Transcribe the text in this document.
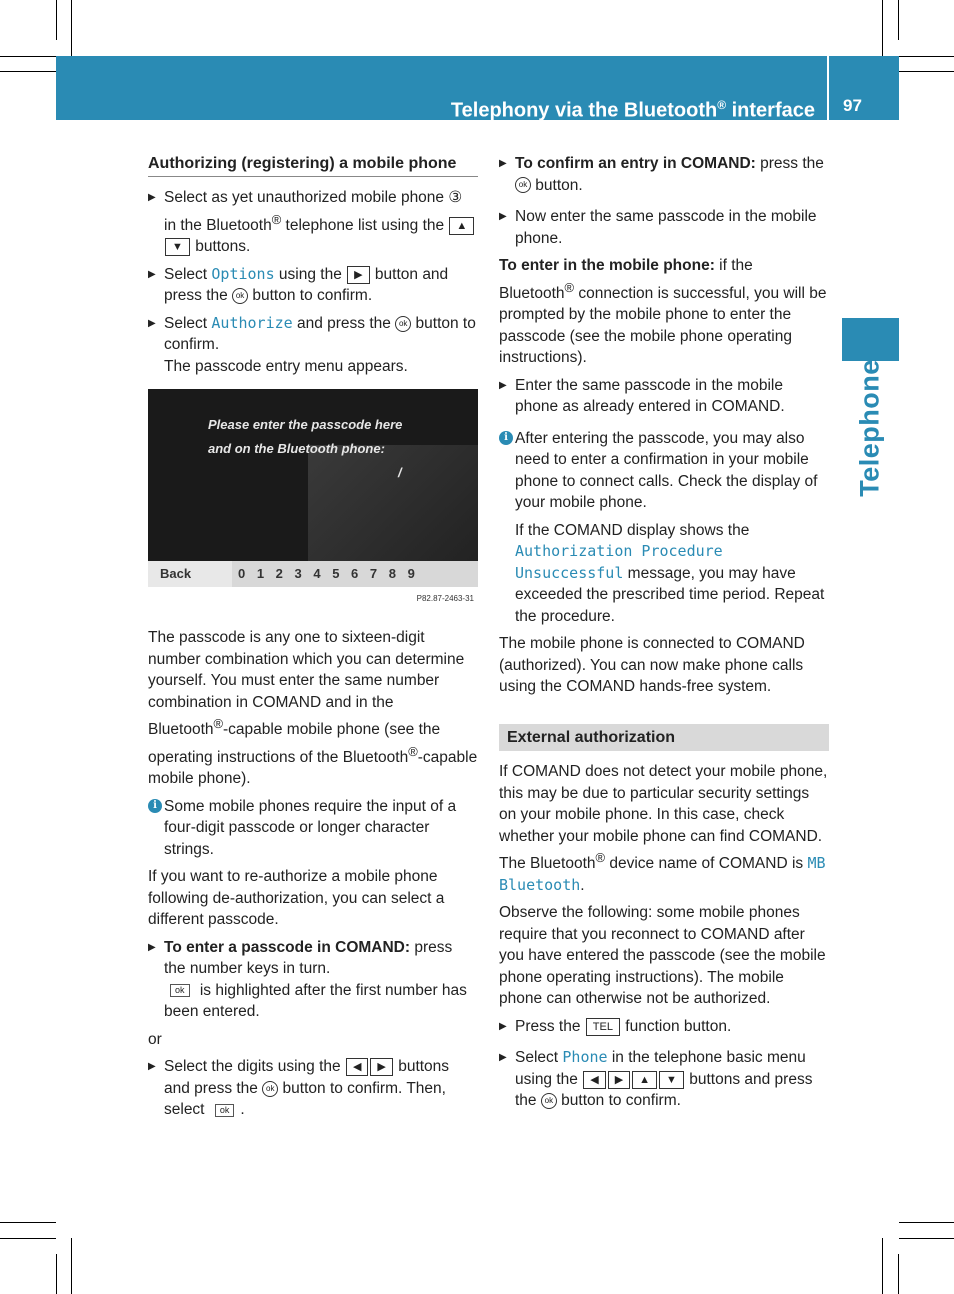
Telephony via the Bluetooth® interface 97
Telephone
Authorizing (registering) a mobile phone
▶ Select as yet unauthorized mobile phone ③ in the Bluetooth® telephone list using the ▲▼ buttons.
▶ Select Options using the ▶ button and press the ok button to confirm.
▶ Select Authorize and press the ok button to confirm.
The passcode entry menu appears.
Please enter the passcode here
and on the Bluetooth phone:
/
Back	0 1 2 3 4 5 6 7 8 9
P82.87-2463-31

The passcode is any one to sixteen-digit number combination which you can determine yourself. You must enter the same number combination in COMAND and in the Bluetooth®-capable mobile phone (see the operating instructions of the Bluetooth®-capable mobile phone).

i Some mobile phones require the input of a four-digit passcode or longer character strings.

If you want to re-authorize a mobile phone following de-authorization, you can select a different passcode.

▶ To enter a passcode in COMAND: press the number keys in turn.
ok is highlighted after the first number has been entered.

or

▶ Select the digits using the ◀ ▶ buttons and press the ok button to confirm. Then, select ok .
▶ To confirm an entry in COMAND: press the ok button.
▶ Now enter the same passcode in the mobile phone.

To enter in the mobile phone: if the Bluetooth® connection is successful, you will be prompted by the mobile phone to enter the passcode (see the mobile phone operating instructions).

▶ Enter the same passcode in the mobile phone as already entered in COMAND.
i After entering the passcode, you may also need to enter a confirmation in your mobile phone to connect calls. Check the display of your mobile phone.
If the COMAND display shows the Authorization Procedure Unsuccessful message, you may have exceeded the prescribed time period. Repeat the procedure.

The mobile phone is connected to COMAND (authorized). You can now make phone calls using the COMAND hands-free system.

External authorization

If COMAND does not detect your mobile phone, this may be due to particular security settings on your mobile phone. In this case, check whether your mobile phone can find COMAND. The Bluetooth® device name of COMAND is MB Bluetooth.

Observe the following: some mobile phones require that you reconnect to COMAND after you have entered the passcode (see the mobile phone operating instructions). The mobile phone can otherwise not be authorized.

▶ Press the TEL function button.
▶ Select Phone in the telephone basic menu using the ◀ ▶ ▲ ▼ buttons and press the ok button to confirm.
